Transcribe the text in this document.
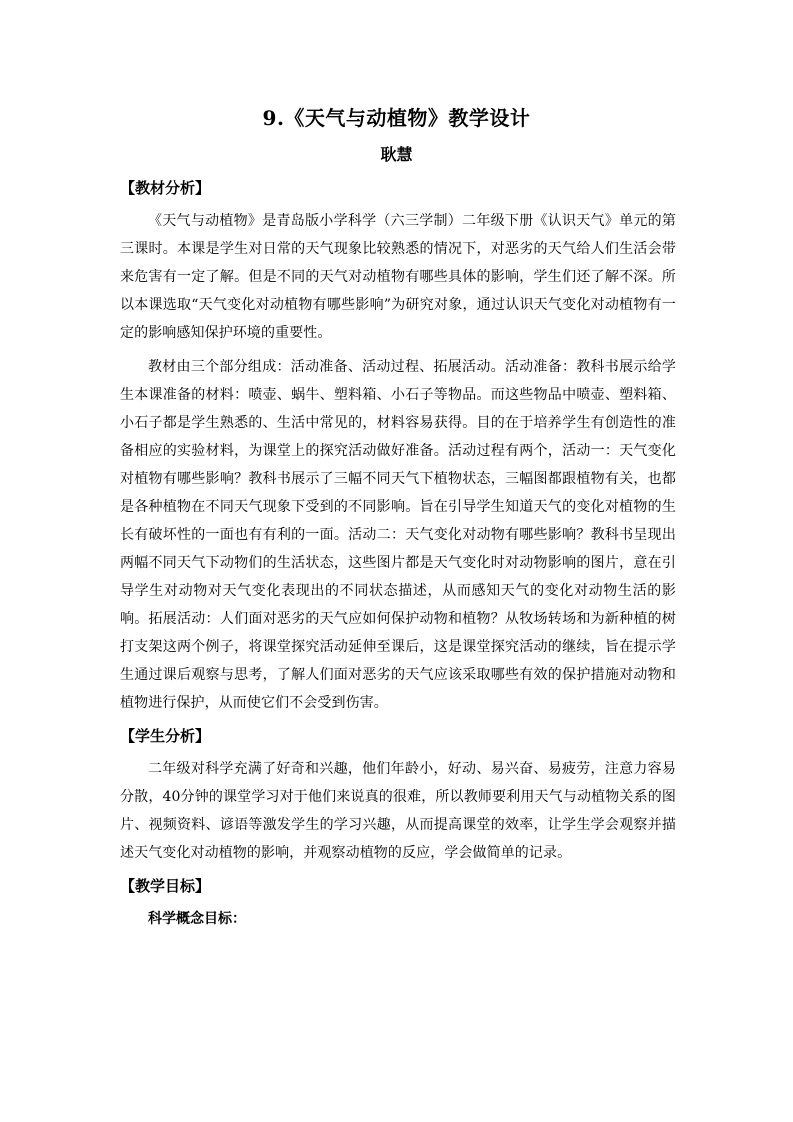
9.《天气与动植物》教学设计
耿慧
【教材分析】

《天气与动植物》是青岛版小学科学（六三学制）二年级下册《认识天气》单元的第三课时。本课是学生对日常的天气现象比较熟悉的情况下，对恶劣的天气给人们生活会带来危害有一定了解。但是不同的天气对动植物有哪些具体的影响，学生们还了解不深。所以本课选取“天气变化对动植物有哪些影响”为研究对象，通过认识天气变化对动植物有一定的影响感知保护环境的重要性。

教材由三个部分组成：活动准备、活动过程、拓展活动。活动准备：教科书展示给学生本课准备的材料：喷壶、蜗牛、塑料箱、小石子等物品。而这些物品中喷壶、塑料箱、小石子都是学生熟悉的、生活中常见的，材料容易获得。目的在于培养学生有创造性的准备相应的实验材料，为课堂上的探究活动做好准备。活动过程有两个，活动一：天气变化对植物有哪些影响？教科书展示了三幅不同天气下植物状态，三幅图都跟植物有关，也都是各种植物在不同天气现象下受到的不同影响。旨在引导学生知道天气的变化对植物的生长有破坏性的一面也有有利的一面。活动二：天气变化对动物有哪些影响？教科书呈现出两幅不同天气下动物们的生活状态，这些图片都是天气变化时对动物影响的图片，意在引导学生对动物对天气变化表现出的不同状态描述，从而感知天气的变化对动物生活的影响。拓展活动：人们面对恶劣的天气应如何保护动物和植物？从牧场转场和为新种植的树打支架这两个例子，将课堂探究活动延伸至课后，这是课堂探究活动的继续，旨在提示学生通过课后观察与思考，了解人们面对恶劣的天气应该采取哪些有效的保护措施对动物和植物进行保护，从而使它们不会受到伤害。

【学生分析】

二年级对科学充满了好奇和兴趣，他们年龄小，好动、易兴奋、易疲劳，注意力容易分散，40分钟的课堂学习对于他们来说真的很难，所以教师要利用天气与动植物关系的图片、视频资料、谚语等激发学生的学习兴趣，从而提高课堂的效率，让学生学会观察并描述天气变化对动植物的影响，并观察动植物的反应，学会做简单的记录。

【教学目标】

科学概念目标：
